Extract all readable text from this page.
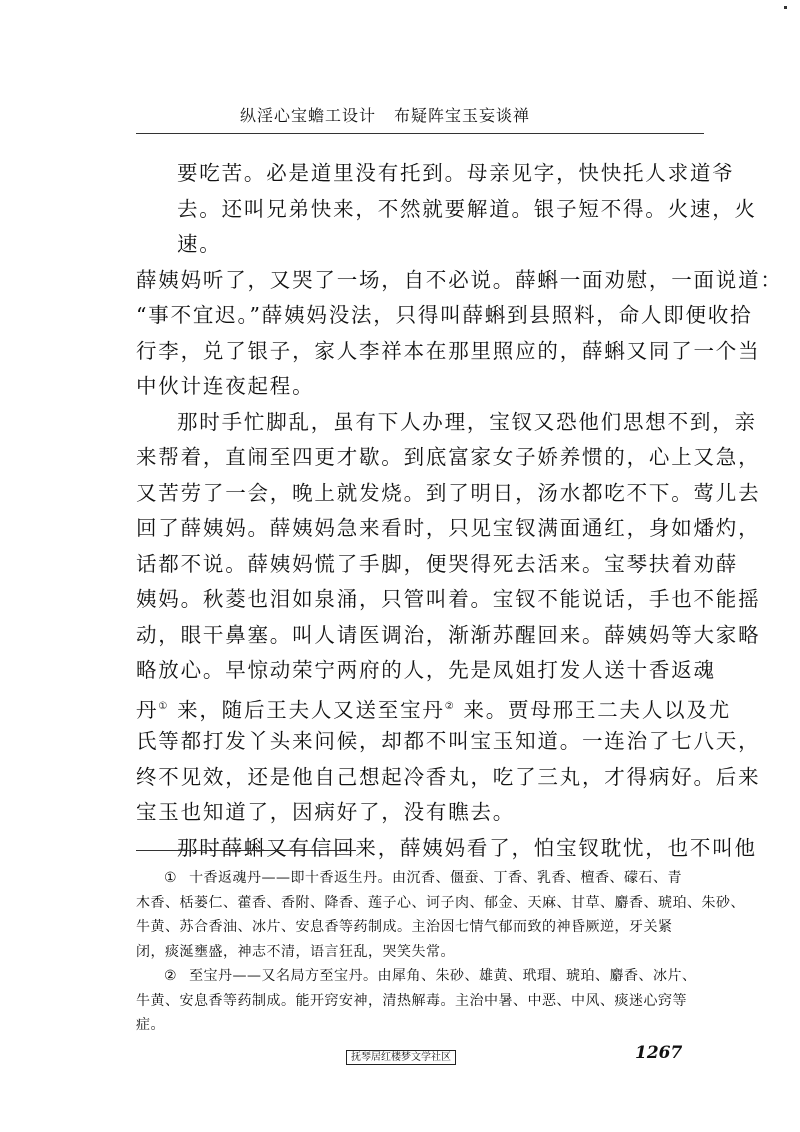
纵淫心宝蟾工设计 布疑阵宝玉妄谈禅
要吃苦。必是道里没有托到。母亲见字，快快托人求道爷
去。还叫兄弟快来，不然就要解道。银子短不得。火速，火
速。
薛姨妈听了，又哭了一场，自不必说。薛蝌一面劝慰，一面说道：
“事不宜迟。”薛姨妈没法，只得叫薛蝌到县照料，命人即便收拾
行李，兑了银子，家人李祥本在那里照应的，薛蝌又同了一个当
中伙计连夜起程。
那时手忙脚乱，虽有下人办理，宝钗又恐他们思想不到，亲
来帮着，直闹至四更才歇。到底富家女子娇养惯的，心上又急，
又苦劳了一会，晚上就发烧。到了明日，汤水都吃不下。莺儿去
回了薛姨妈。薛姨妈急来看时，只见宝钗满面通红，身如燔灼，
话都不说。薛姨妈慌了手脚，便哭得死去活来。宝琴扶着劝薛
姨妈。秋菱也泪如泉涌，只管叫着。宝钗不能说话，手也不能摇
动，眼干鼻塞。叫人请医调治，渐渐苏醒回来。薛姨妈等大家略
略放心。早惊动荣宁两府的人，先是凤姐打发人送十香返魂
丹① 来，随后王夫人又送至宝丹② 来。贾母邢王二夫人以及尤
氏等都打发丫头来问候，却都不叫宝玉知道。一连治了七八天，
终不见效，还是他自己想起冷香丸，吃了三丸，才得病好。后来
宝玉也知道了，因病好了，没有瞧去。
那时薛蝌又有信回来，薛姨妈看了，怕宝钗耽忧，也不叫他
① 十香返魂丹——即十香返生丹。由沉香、僵蚕、丁香、乳香、檀香、礞石、青
木香、栝蒌仁、藿香、香附、降香、莲子心、诃子肉、郁金、天麻、甘草、麝香、琥珀、朱砂、
牛黄、苏合香油、冰片、安息香等药制成。主治因七情气郁而致的神昏厥逆，牙关紧
闭，痰涎壅盛，神志不清，语言狂乱，哭笑失常。
② 至宝丹——又名局方至宝丹。由犀角、朱砂、雄黄、玳瑁、琥珀、麝香、冰片、
牛黄、安息香等药制成。能开窍安神，清热解毒。主治中暑、中恶、中风、痰迷心窍等
症。
抚琴居红楼梦文学社区	1267
